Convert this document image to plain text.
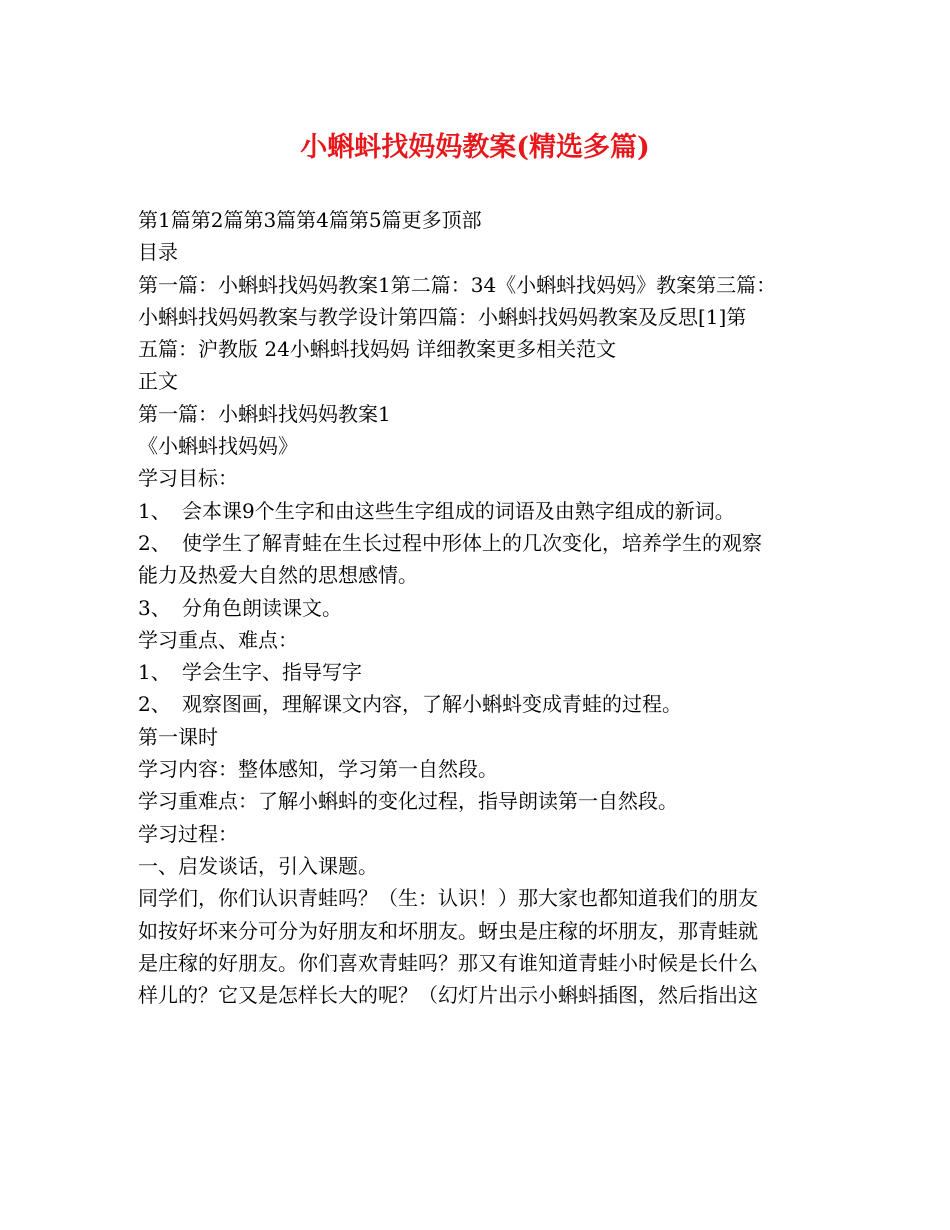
小蝌蚪找妈妈教案(精选多篇)

第1篇第2篇第3篇第4篇第5篇更多顶部

目录

第一篇：小蝌蚪找妈妈教案1第二篇：34《小蝌蚪找妈妈》教案第三篇：

小蝌蚪找妈妈教案与教学设计第四篇：小蝌蚪找妈妈教案及反思[1]第

五篇：沪教版 24小蝌蚪找妈妈 详细教案更多相关范文

正文

第一篇：小蝌蚪找妈妈教案1

《小蝌蚪找妈妈》

学习目标：

1、 会本课9个生字和由这些生字组成的词语及由熟字组成的新词。

2、 使学生了解青蛙在生长过程中形体上的几次变化，培养学生的观察

能力及热爱大自然的思想感情。

3、 分角色朗读课文。

学习重点、难点：

1、 学会生字、指导写字

2、 观察图画，理解课文内容，了解小蝌蚪变成青蛙的过程。

第一课时

学习内容：整体感知，学习第一自然段。

学习重难点：了解小蝌蚪的变化过程，指导朗读第一自然段。

学习过程：

一、启发谈话，引入课题。

同学们，你们认识青蛙吗？（生：认识！）那大家也都知道我们的朋友

如按好坏来分可分为好朋友和坏朋友。蚜虫是庄稼的坏朋友，那青蛙就

是庄稼的好朋友。你们喜欢青蛙吗？那又有谁知道青蛙小时候是长什么

样儿的？它又是怎样长大的呢？（幻灯片出示小蝌蚪插图，然后指出这
